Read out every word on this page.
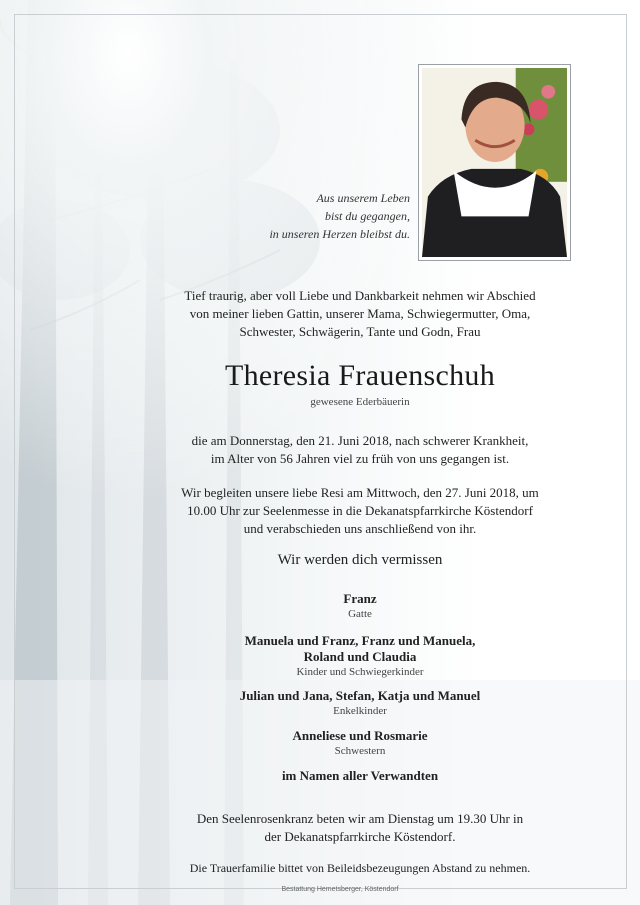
Aus unserem Leben
bist du gegangen,
in unseren Herzen bleibst du.
Tief traurig, aber voll Liebe und Dankbarkeit nehmen wir Abschied
von meiner lieben Gattin, unserer Mama, Schwiegermutter, Oma,
Schwester, Schwägerin, Tante und Godn, Frau
Theresia Frauenschuh
gewesene Ederbäuerin
die am Donnerstag, den 21. Juni 2018, nach schwerer Krankheit,
im Alter von 56 Jahren viel zu früh von uns gegangen ist.
Wir begleiten unsere liebe Resi am Mittwoch, den 27. Juni 2018, um
10.00 Uhr zur Seelenmesse in die Dekanatspfarrkirche Köstendorf
und verabschieden uns anschließend von ihr.
Wir werden dich vermissen
Franz
Gatte
Manuela und Franz, Franz und Manuela,
Roland und Claudia
Kinder und Schwiegerkinder
Julian und Jana, Stefan, Katja und Manuel
Enkelkinder
Anneliese und Rosmarie
Schwestern
im Namen aller Verwandten
Den Seelenrosenkranz beten wir am Dienstag um 19.30 Uhr in
der Dekanatspfarrkirche Köstendorf.
Die Trauerfamilie bittet von Beileidsbezeugungen Abstand zu nehmen.
Bestattung Hemetsberger, Köstendorf
